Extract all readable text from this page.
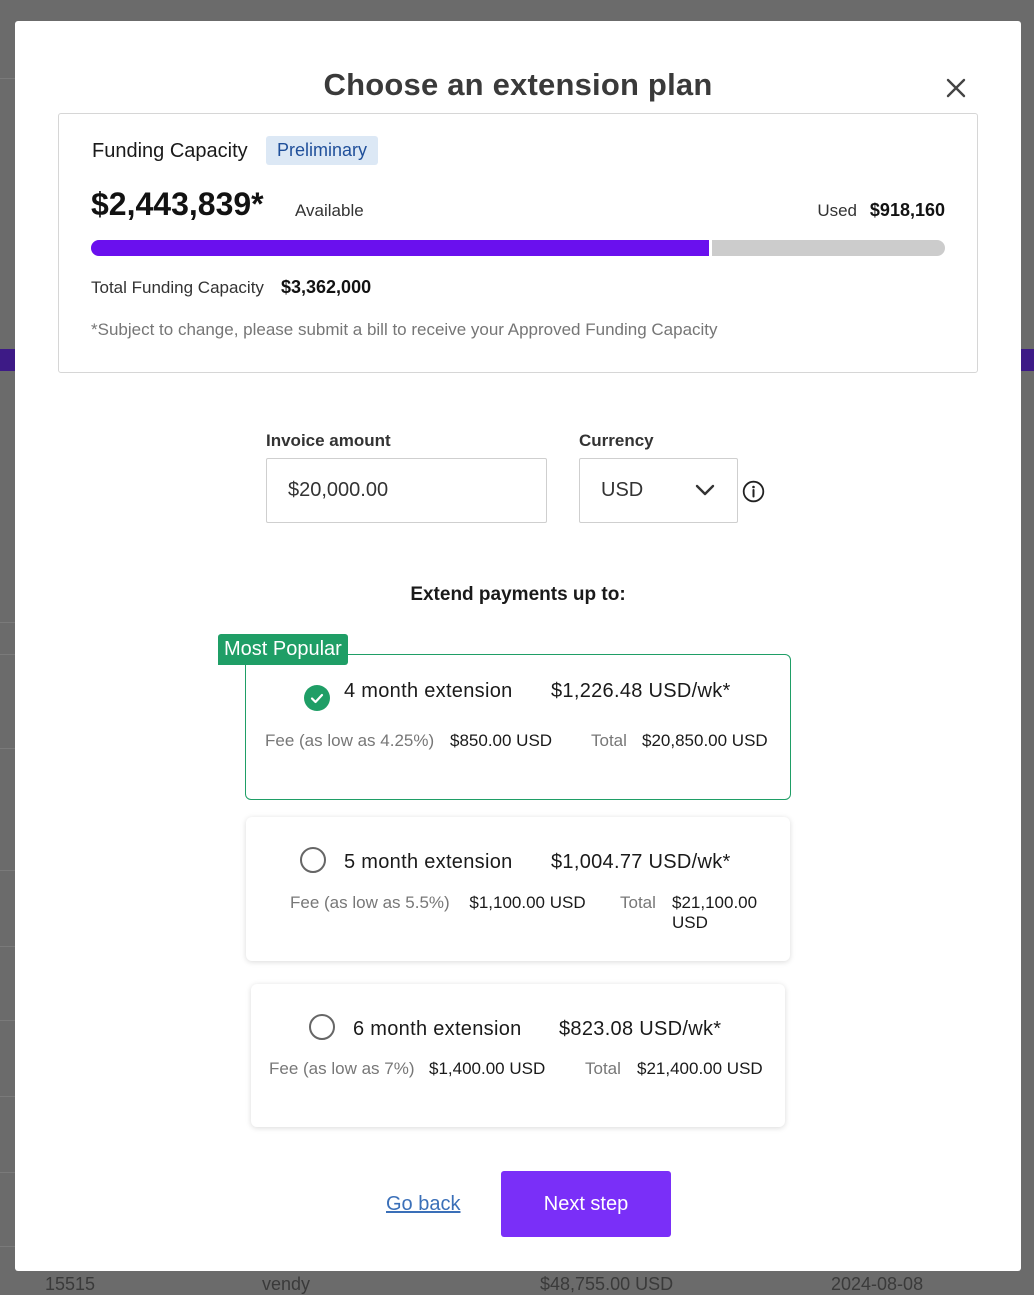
15515	vendy	$48,755.00 USD	2024-08-08
Choose an extension plan
Funding Capacity	Preliminary
$2,443,839* Available	Used $918,160
Total Funding Capacity $3,362,000
*Subject to change, please submit a bill to receive your Approved Funding Capacity
Invoice amount
$20,000.00
Currency
USD
Extend payments up to:
4 month extension $1,226.48 USD/wk*
Fee (as low as 4.25%) $850.00 USD Total $20,850.00 USD
Most Popular
5 month extension $1,004.77 USD/wk*
Fee (as low as 5.5%) $1,100.00 USD Total $21,100.00 USD
6 month extension $823.08 USD/wk*
Fee (as low as 7%) $1,400.00 USD Total $21,400.00 USD
Go back	Next step
